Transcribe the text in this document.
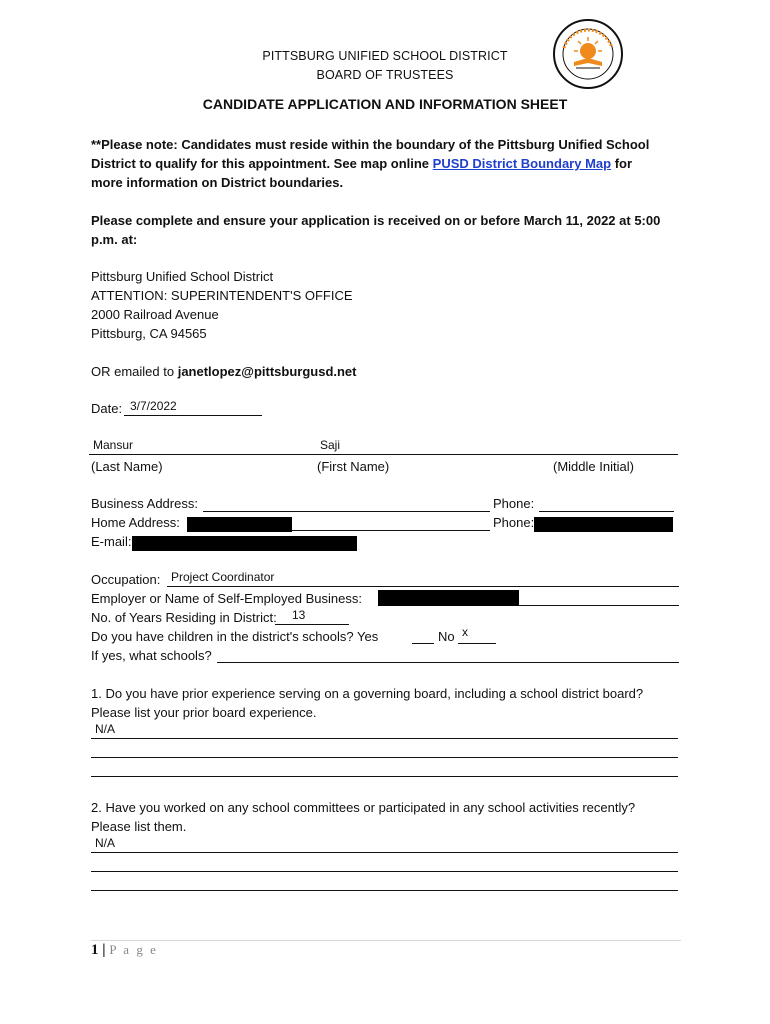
PITTSBURG UNIFIED SCHOOL DISTRICT
BOARD OF TRUSTEES
CANDIDATE APPLICATION AND INFORMATION SHEET
**Please note: Candidates must reside within the boundary of the Pittsburg Unified School
District to qualify for this appointment. See map online PUSD District Boundary Map for
more information on District boundaries.
Please complete and ensure your application is received on or before March 11, 2022 at 5:00
p.m. at:
Pittsburg Unified School District
ATTENTION: SUPERINTENDENT'S OFFICE
2000 Railroad Avenue
Pittsburg, CA 94565
OR emailed to janetlopez@pittsburgusd.net
Date: 3/7/2022
Mansur	Saji
(Last Name)	(First Name)	(Middle Initial)
Business Address:	Phone:
Home Address:	Phone:
E-mail:
Occupation: Project Coordinator
Employer or Name of Self-Employed Business:
No. of Years Residing in District: 13
Do you have children in the district's schools? Yes	No x
If yes, what schools?
1. Do you have prior experience serving on a governing board, including a school district board?
Please list your prior board experience.
N/A
2. Have you worked on any school committees or participated in any school activities recently?
Please list them.
N/A
1 | P a g e
